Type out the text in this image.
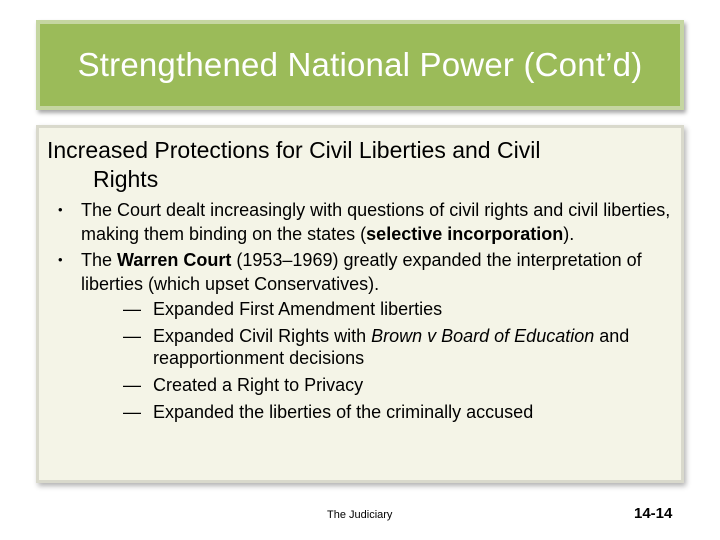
Strengthened National Power (Cont’d)
Increased Protections for Civil Liberties and Civil
Rights
• The Court dealt increasingly with questions of civil rights and civil liberties, making them binding on the states (selective incorporation).
• The Warren Court (1953–1969) greatly expanded the interpretation of liberties (which upset Conservatives).
— Expanded First Amendment liberties
— Expanded Civil Rights with Brown v Board of Education and reapportionment decisions
— Created a Right to Privacy
— Expanded the liberties of the criminally accused
The Judiciary	14-14
